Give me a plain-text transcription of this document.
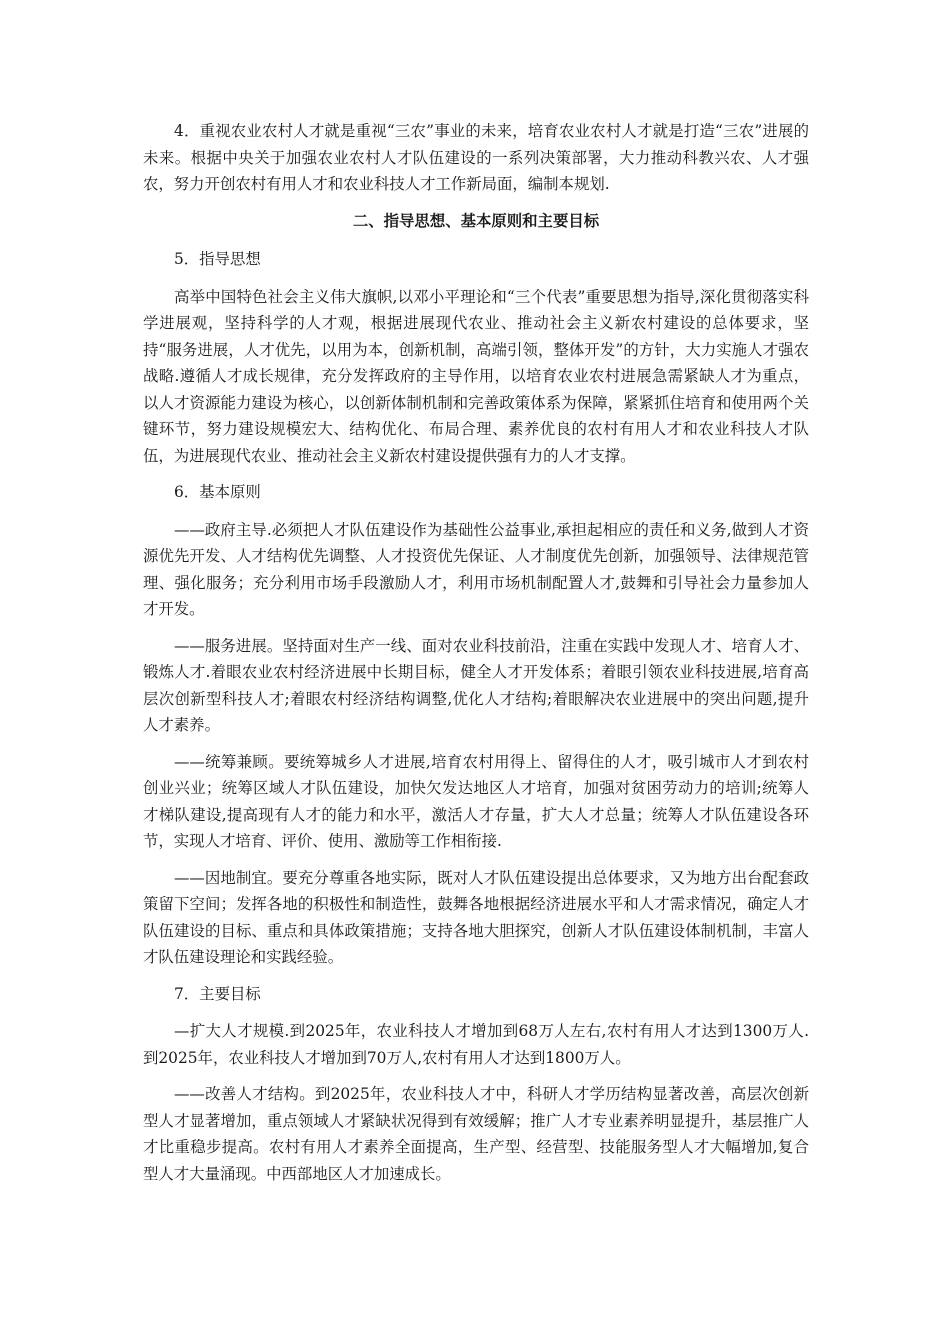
4．重视农业农村人才就是重视“三农”事业的未来，培育农业农村人才就是打造“三农”进展的未来。根据中央关于加强农业农村人才队伍建设的一系列决策部署，大力推动科教兴农、人才强农，努力开创农村有用人才和农业科技人才工作新局面，编制本规划.

二、指导思想、基本原则和主要目标

5．指导思想

高举中国特色社会主义伟大旗帜,以邓小平理论和“三个代表”重要思想为指导,深化贯彻落实科学进展观，坚持科学的人才观，根据进展现代农业、推动社会主义新农村建设的总体要求，坚持“服务进展，人才优先，以用为本，创新机制，高端引领，整体开发”的方针，大力实施人才强农战略.遵循人才成长规律，充分发挥政府的主导作用，以培育农业农村进展急需紧缺人才为重点，以人才资源能力建设为核心，以创新体制机制和完善政策体系为保障，紧紧抓住培育和使用两个关键环节，努力建设规模宏大、结构优化、布局合理、素养优良的农村有用人才和农业科技人才队伍，为进展现代农业、推动社会主义新农村建设提供强有力的人才支撑。

6．基本原则

——政府主导.必须把人才队伍建设作为基础性公益事业,承担起相应的责任和义务,做到人才资源优先开发、人才结构优先调整、人才投资优先保证、人才制度优先创新，加强领导、法律规范管理、强化服务；充分利用市场手段激励人才，利用市场机制配置人才,鼓舞和引导社会力量参加人才开发。

——服务进展。坚持面对生产一线、面对农业科技前沿，注重在实践中发现人才、培育人才、锻炼人才.着眼农业农村经济进展中长期目标，健全人才开发体系；着眼引领农业科技进展,培育高层次创新型科技人才;着眼农村经济结构调整,优化人才结构;着眼解决农业进展中的突出问题,提升人才素养。

——统筹兼顾。要统筹城乡人才进展,培育农村用得上、留得住的人才，吸引城市人才到农村创业兴业；统筹区域人才队伍建设，加快欠发达地区人才培育，加强对贫困劳动力的培训;统筹人才梯队建设,提高现有人才的能力和水平，激活人才存量，扩大人才总量；统筹人才队伍建设各环节，实现人才培育、评价、使用、激励等工作相衔接.

——因地制宜。要充分尊重各地实际，既对人才队伍建设提出总体要求，又为地方出台配套政策留下空间；发挥各地的积极性和制造性，鼓舞各地根据经济进展水平和人才需求情况，确定人才队伍建设的目标、重点和具体政策措施；支持各地大胆探究，创新人才队伍建设体制机制，丰富人才队伍建设理论和实践经验。

7．主要目标

—扩大人才规模.到2025年，农业科技人才增加到68万人左右,农村有用人才达到1300万人.到2025年，农业科技人才增加到70万人,农村有用人才达到1800万人。

——改善人才结构。到2025年，农业科技人才中，科研人才学历结构显著改善，高层次创新型人才显著增加，重点领域人才紧缺状况得到有效缓解；推广人才专业素养明显提升，基层推广人才比重稳步提高。农村有用人才素养全面提高，生产型、经营型、技能服务型人才大幅增加,复合型人才大量涌现。中西部地区人才加速成长。
